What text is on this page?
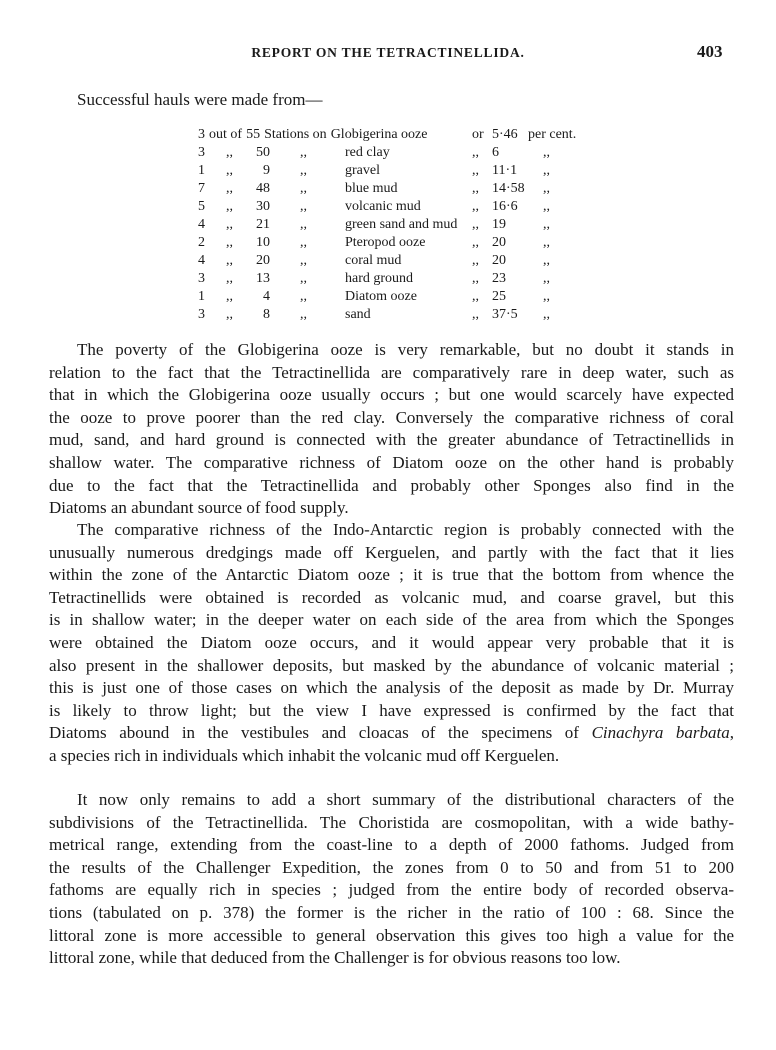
REPORT ON THE TETRACTINELLIDA.	403
Successful hauls were made from—
3 out of 55 Stations on Globigerina ooze	or 5·46 per cent.
3 ,,	50 ,,	red clay	,, 6	,,
1 ,,	9 ,,	gravel	,, 11·1 ,,
7 ,,	48 ,,	blue mud	,, 14·58 ,,
5 ,,	30 ,,	volcanic mud	,, 16·6 ,,
4 ,,	21 ,,	green sand and mud ,, 19	,,
2 ,,	10 ,,	Pteropod ooze	,, 20	,,
4 ,,	20 ,,	coral mud	,, 20	,,
3 ,,	13 ,,	hard ground	,, 23	,,
1 ,,	4 ,,	Diatom ooze	,, 25	,,
3 ,,	8 ,,	sand	,, 37·5 ,,
The poverty of the Globigerina ooze is very remarkable, but no doubt it stands in
relation to the fact that the Tetractinellida are comparatively rare in deep water, such as
that in which the Globigerina ooze usually occurs ; but one would scarcely have expected
the ooze to prove poorer than the red clay. Conversely the comparative richness of coral
mud, sand, and hard ground is connected with the greater abundance of Tetractinellids in
shallow water. The comparative richness of Diatom ooze on the other hand is probably
due to the fact that the Tetractinellida and probably other Sponges also find in the
Diatoms an abundant source of food supply.
The comparative richness of the Indo-Antarctic region is probably connected with the
unusually numerous dredgings made off Kerguelen, and partly with the fact that it lies
within the zone of the Antarctic Diatom ooze ; it is true that the bottom from whence the
Tetractinellids were obtained is recorded as volcanic mud, and coarse gravel, but this
is in shallow water; in the deeper water on each side of the area from which the Sponges
were obtained the Diatom ooze occurs, and it would appear very probable that it is
also present in the shallower deposits, but masked by the abundance of volcanic material ;
this is just one of those cases on which the analysis of the deposit as made by Dr. Murray
is likely to throw light; but the view I have expressed is confirmed by the fact that
Diatoms abound in the vestibules and cloacas of the specimens of Cinachyra barbata,
a species rich in individuals which inhabit the volcanic mud off Kerguelen.
It now only remains to add a short summary of the distributional characters of the
subdivisions of the Tetractinellida. The Choristida are cosmopolitan, with a wide bathy-
metrical range, extending from the coast-line to a depth of 2000 fathoms. Judged from
the results of the Challenger Expedition, the zones from 0 to 50 and from 51 to 200
fathoms are equally rich in species ; judged from the entire body of recorded observa-
tions (tabulated on p. 378) the former is the richer in the ratio of 100 : 68. Since the
littoral zone is more accessible to general observation this gives too high a value for the
littoral zone, while that deduced from the Challenger is for obvious reasons too low.
